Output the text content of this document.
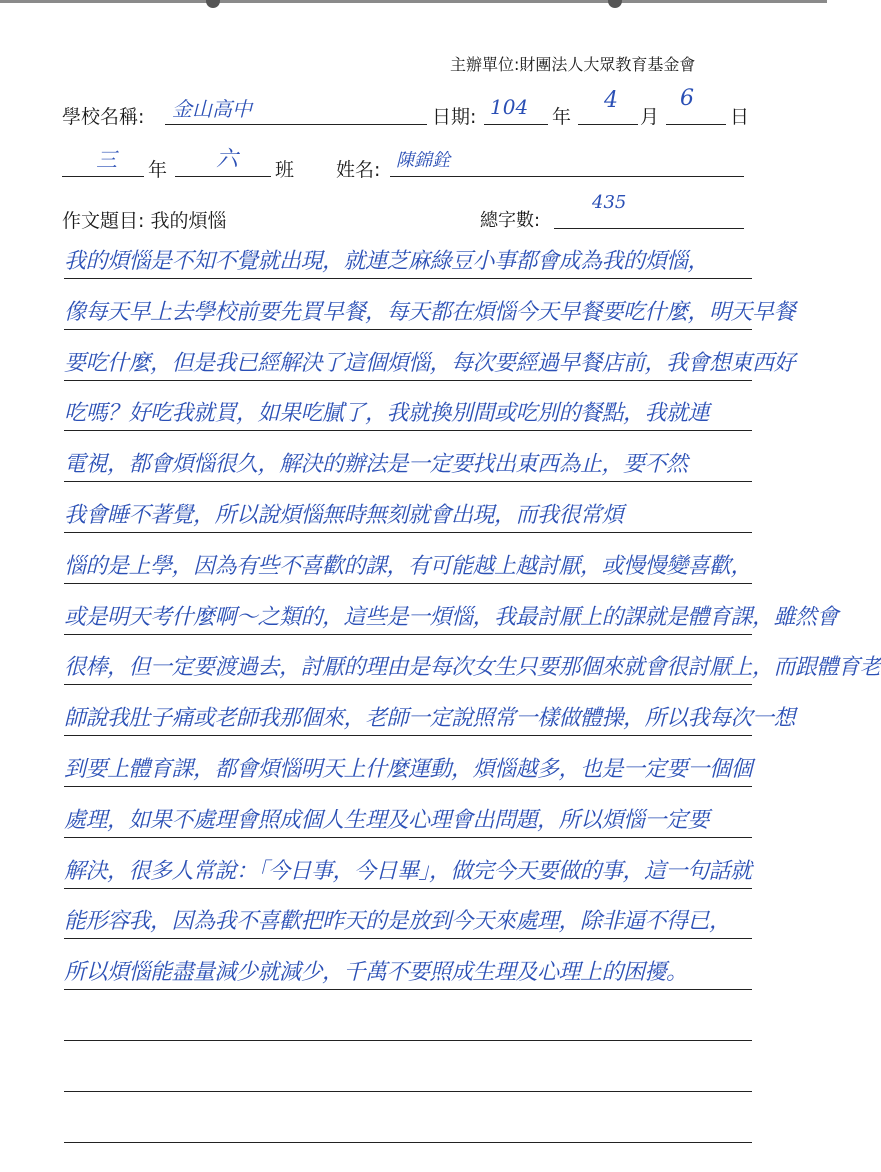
主辦單位:財團法人大眾教育基金會
學校名稱: 金山高中	日期: 104 年
4
月
6
日
三 年 六 班 姓名: 陳錦銓
作文題目: 我的煩惱	總字數:
435
我的煩惱是不知不覺就出現，就連芝麻綠豆小事都會成為我的煩惱，
像每天早上去學校前要先買早餐，每天都在煩惱今天早餐要吃什麼，明天早餐
要吃什麼，但是我已經解決了這個煩惱，每次要經過早餐店前，我會想東西好
吃嗎？好吃我就買，如果吃膩了，我就換別間或吃別的餐點，我就連
電視，都會煩惱很久，解決的辦法是一定要找出東西為止，要不然
我會睡不著覺，所以說煩惱無時無刻就會出現，而我很常煩
惱的是上學，因為有些不喜歡的課，有可能越上越討厭，或慢慢變喜歡，
或是明天考什麼啊～之類的，這些是一煩惱，我最討厭上的課就是體育課，雖然會
很棒，但一定要渡過去，討厭的理由是每次女生只要那個來就會很討厭上，而跟體育老
師說我肚子痛或老師我那個來，老師一定說照常一樣做體操，所以我每次一想
到要上體育課，都會煩惱明天上什麼運動，煩惱越多，也是一定要一個個
處理，如果不處理會照成個人生理及心理會出問題，所以煩惱一定要
解決，很多人常說：「今日事，今日畢」，做完今天要做的事，這一句話就
能形容我，因為我不喜歡把昨天的是放到今天來處理，除非逼不得已，
所以煩惱能盡量減少就減少，千萬不要照成生理及心理上的困擾。
